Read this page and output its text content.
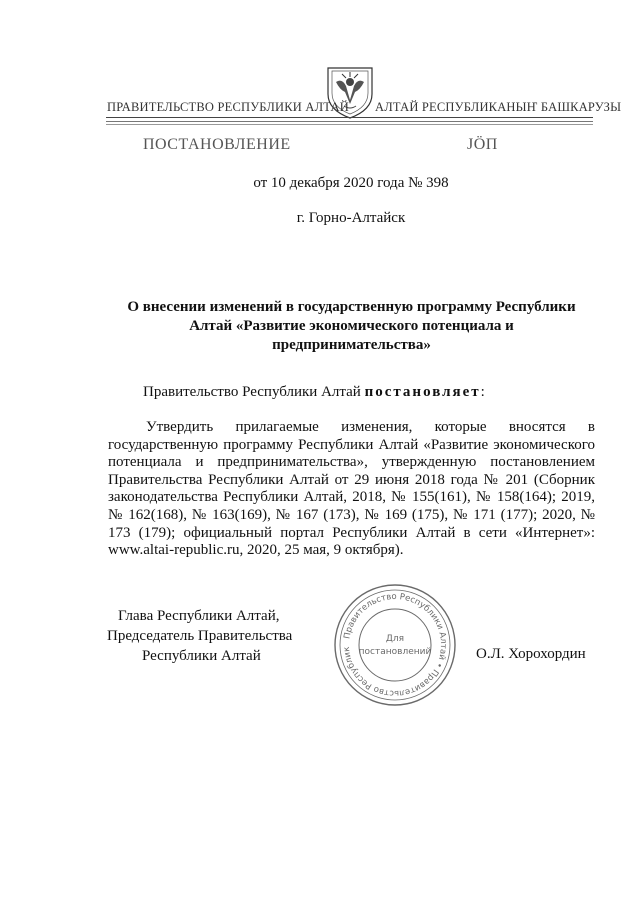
ПРАВИТЕЛЬСТВО РЕСПУБЛИКИ АЛТАЙ АЛТАЙ РЕСПУБЛИКАНЫҤ БАШКАРУЗЫ
ПОСТАНОВЛЕНИЕ	ЈÖП
от 10 декабря 2020 года № 398
г. Горно-Алтайск
О внесении изменений в государственную программу Республики Алтай «Развитие экономического потенциала и предпринимательства»
Правительство Республики Алтай постановляет:
Утвердить прилагаемые изменения, которые вносятся в государственную программу Республики Алтай «Развитие экономического потенциала и предпринимательства», утвержденную постановлением Правительства Республики Алтай от 29 июня 2018 года № 201 (Сборник законодательства Республики Алтай, 2018, № 155(161), № 158(164); 2019, № 162(168), № 163(169), № 167 (173), № 169 (175), № 171 (177); 2020, № 173 (179); официальный портал Республики Алтай в сети «Интернет»: www.altai-republic.ru, 2020, 25 мая, 9 октября).
Глава Республики Алтай,
Председатель Правительства
Республики Алтай	О.Л. Хорохордин
Правительство Республики Алтай • Правительство Республик
Для
постановлений
